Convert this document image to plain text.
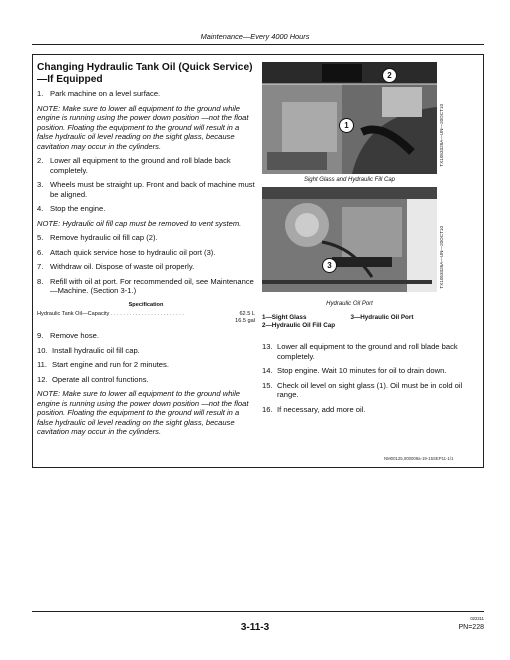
Maintenance—Every 4000 Hours
Changing Hydraulic Tank Oil (Quick Service)
—If Equipped
1. Park machine on a level surface.
NOTE: Make sure to lower all equipment to the ground while engine is running using the power down position —not the float position. Floating the equipment to the ground will result in a false hydraulic oil level reading on the sight glass, because cavitation may occur in the cylinders.
2. Lower all equipment to the ground and roll blade back completely.
3. Wheels must be straight up. Front and back of machine must be aligned.
4. Stop the engine.
NOTE: Hydraulic oil fill cap must be removed to vent system.
5. Remove hydraulic oil fill cap (2).
6. Attach quick service hose to hydraulic oil port (3).
7. Withdraw oil. Dispose of waste oil properly.
8. Refill with oil at port. For recommended oil, see Maintenance—Machine. (Section 3-1.)
Specification
Hydraulic Tank Oil—Capacity . . . . . . . . . . . . . . . . . . . . . . . .	62.5 L
16.5 gal
9. Remove hose.
10. Install hydraulic oil fill cap.
11. Start engine and run for 2 minutes.
12. Operate all control functions.
NOTE: Make sure to lower all equipment to the ground while engine is running using the power down position —not the float position. Floating the equipment to the ground will result in a false hydraulic oil level reading on the sight glass, because cavitation may occur in the cylinders.
2
1	TX1053328A—UN—20OCT10
Sight Glass and Hydraulic Fill Cap
3	TX1053326A—UN—20OCT10
Hydraulic Oil Port
1—Sight Glass	3—Hydraulic Oil Port
2—Hydraulic Oil Fill Cap
13. Lower all equipment to the ground and roll blade back completely.
14. Stop engine. Wait 10 minutes for oil to drain down.
15. Check oil level on sight glass (1). Oil must be in cold oil range.
16. If necessary, add more oil.
NM00125,000009a-19-15SEP11-1/1
3-11-3
022211
PN=228
